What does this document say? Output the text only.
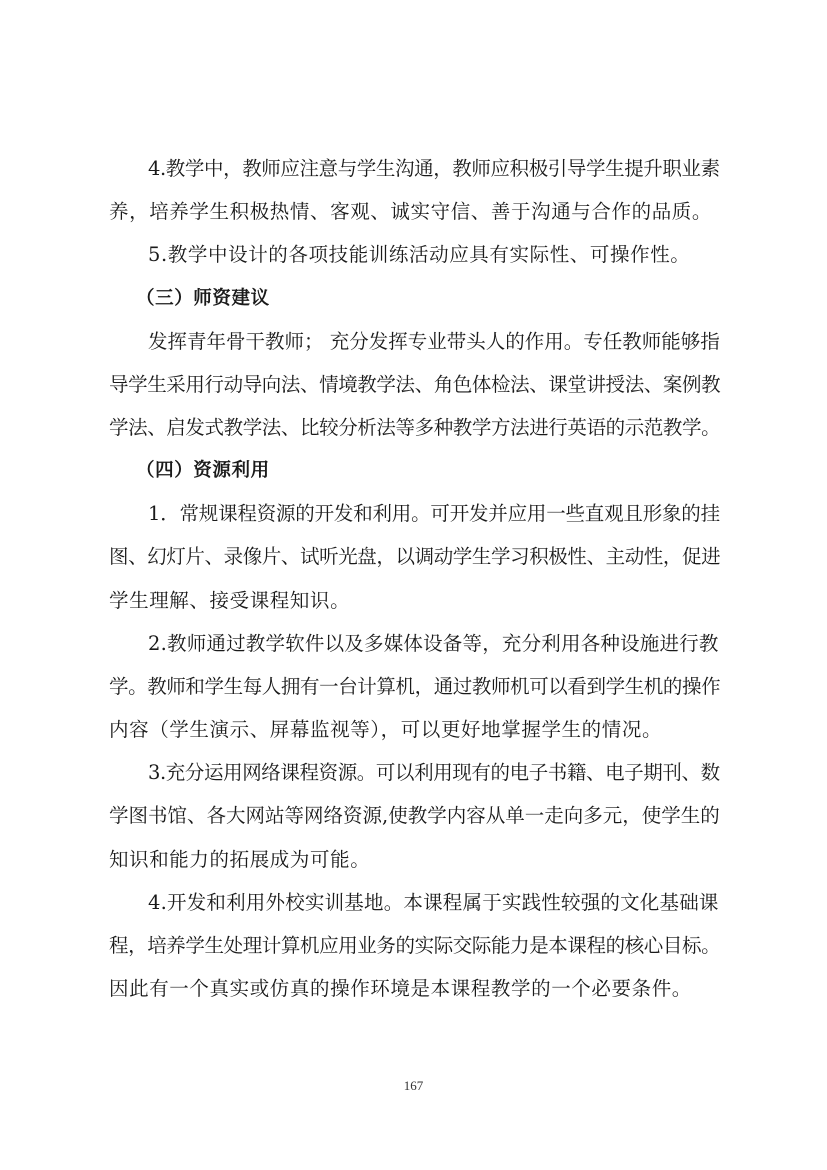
4.教学中，教师应注意与学生沟通，教师应积极引导学生提升职业素
养，培养学生积极热情、客观、诚实守信、善于沟通与合作的品质。
5.教学中设计的各项技能训练活动应具有实际性、可操作性。
（三）师资建议
发挥青年骨干教师； 充分发挥专业带头人的作用。专任教师能够指
导学生采用行动导向法、情境教学法、角色体检法、课堂讲授法、案例教
学法、启发式教学法、比较分析法等多种教学方法进行英语的示范教学。
（四）资源利用
1．常规课程资源的开发和利用。可开发并应用一些直观且形象的挂
图、幻灯片、录像片、试听光盘，以调动学生学习积极性、主动性，促进
学生理解、接受课程知识。
2.教师通过教学软件以及多媒体设备等，充分利用各种设施进行教
学。教师和学生每人拥有一台计算机，通过教师机可以看到学生机的操作
内容（学生演示、屏幕监视等），可以更好地掌握学生的情况。
3.充分运用网络课程资源。可以利用现有的电子书籍、电子期刊、数
学图书馆、各大网站等网络资源,使教学内容从单一走向多元，使学生的
知识和能力的拓展成为可能。
4.开发和利用外校实训基地。本课程属于实践性较强的文化基础课
程，培养学生处理计算机应用业务的实际交际能力是本课程的核心目标。
因此有一个真实或仿真的操作环境是本课程教学的一个必要条件。
167
